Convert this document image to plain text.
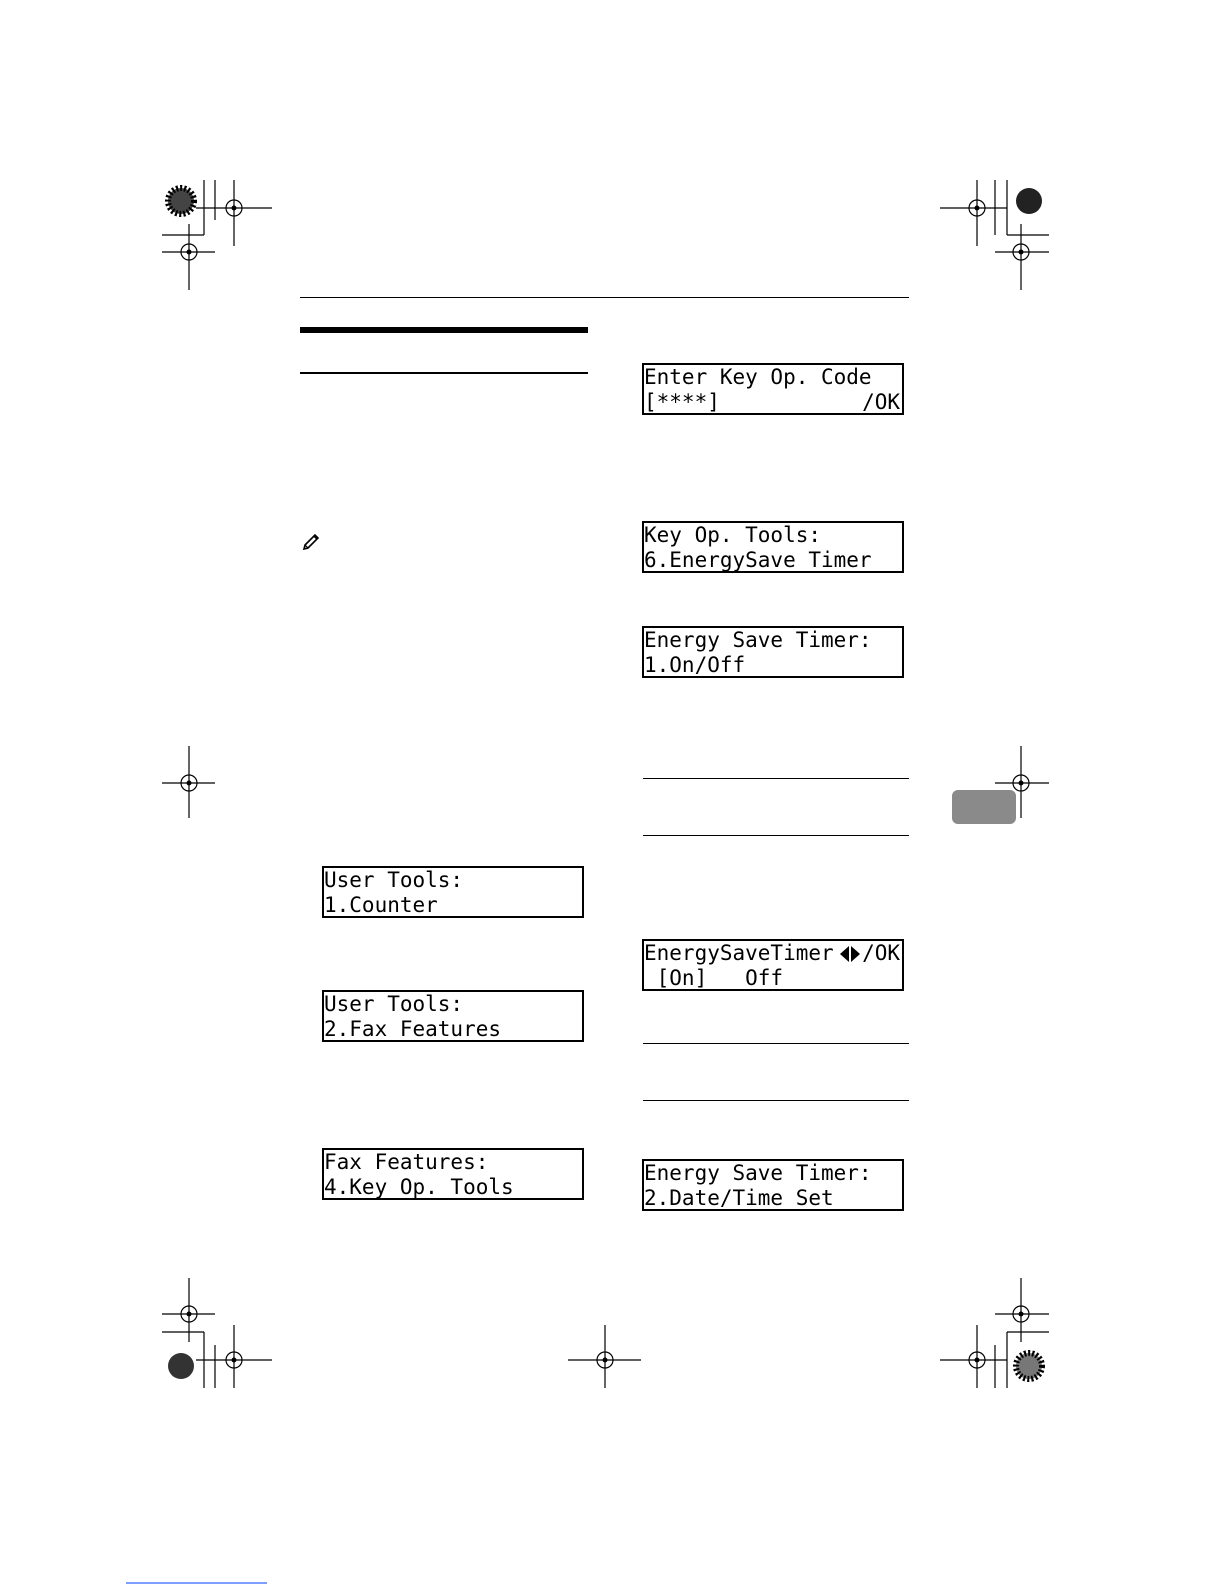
Enter Key Op. Code

[****]

	/OK

Key Op. Tools:

6.EnergySave Timer

Energy Save Timer:

1.On/Off

User Tools:

1.Counter

User Tools:

2.Fax Features

Fax Features:

4.Key Op. Tools

EnergySaveTimer

/OK

[On]   Off

Energy Save Timer:

2.Date/Time Set
